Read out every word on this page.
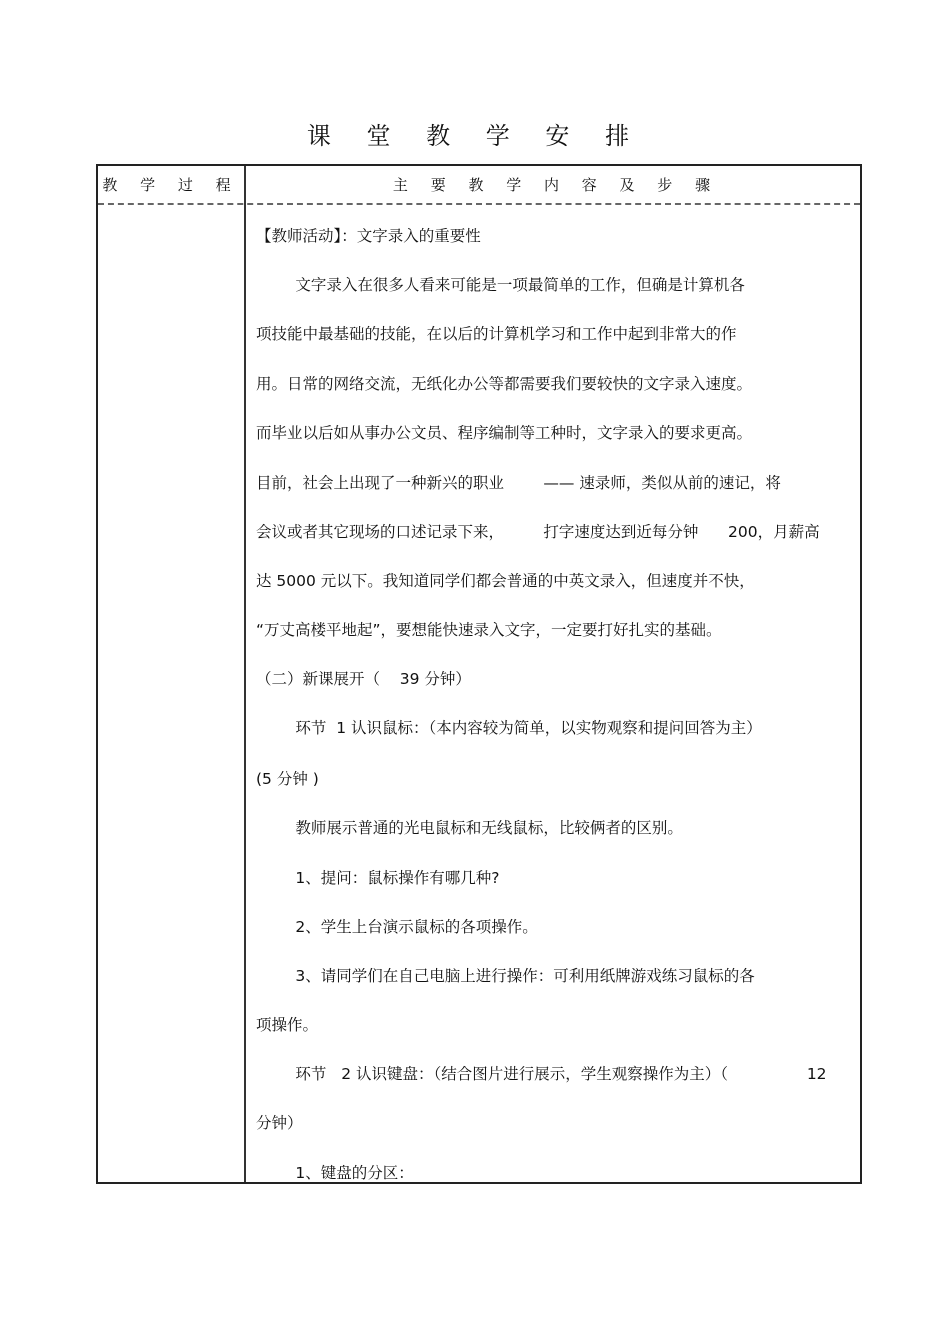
课 堂 教 学 安 排
教 学 过 程	主 要 教 学 内 容 及 步 骤
【教师活动】：文字录入的重要性
文字录入在很多人看来可能是一项最简单的工作，但确是计算机各
项技能中最基础的技能，在以后的计算机学习和工作中起到非常大的作
用。日常的网络交流，无纸化办公等都需要我们要较快的文字录入速度。
而毕业以后如从事办公文员、程序编制等工种时，文字录入的要求更高。
目前，社会上出现了一种新兴的职业        —— 速录师，类似从前的速记，将
会议或者其它现场的口述记录下来，        打字速度达到近每分钟      200，月薪高
达 5000 元以下。我知道同学们都会普通的中英文录入，但速度并不快，
“万丈高楼平地起”，要想能快速录入文字，一定要打好扎实的基础。
（二）新课展开（    39 分钟）
环节  1 认识鼠标：（本内容较为简单，以实物观察和提问回答为主）
(5 分钟 )
教师展示普通的光电鼠标和无线鼠标，比较俩者的区别。
1、提问：鼠标操作有哪几种?
2、学生上台演示鼠标的各项操作。
3、请同学们在自己电脑上进行操作：可利用纸牌游戏练习鼠标的各
项操作。
环节   2 认识键盘：（结合图片进行展示，学生观察操作为主）（                12
分钟）
1、键盘的分区：
